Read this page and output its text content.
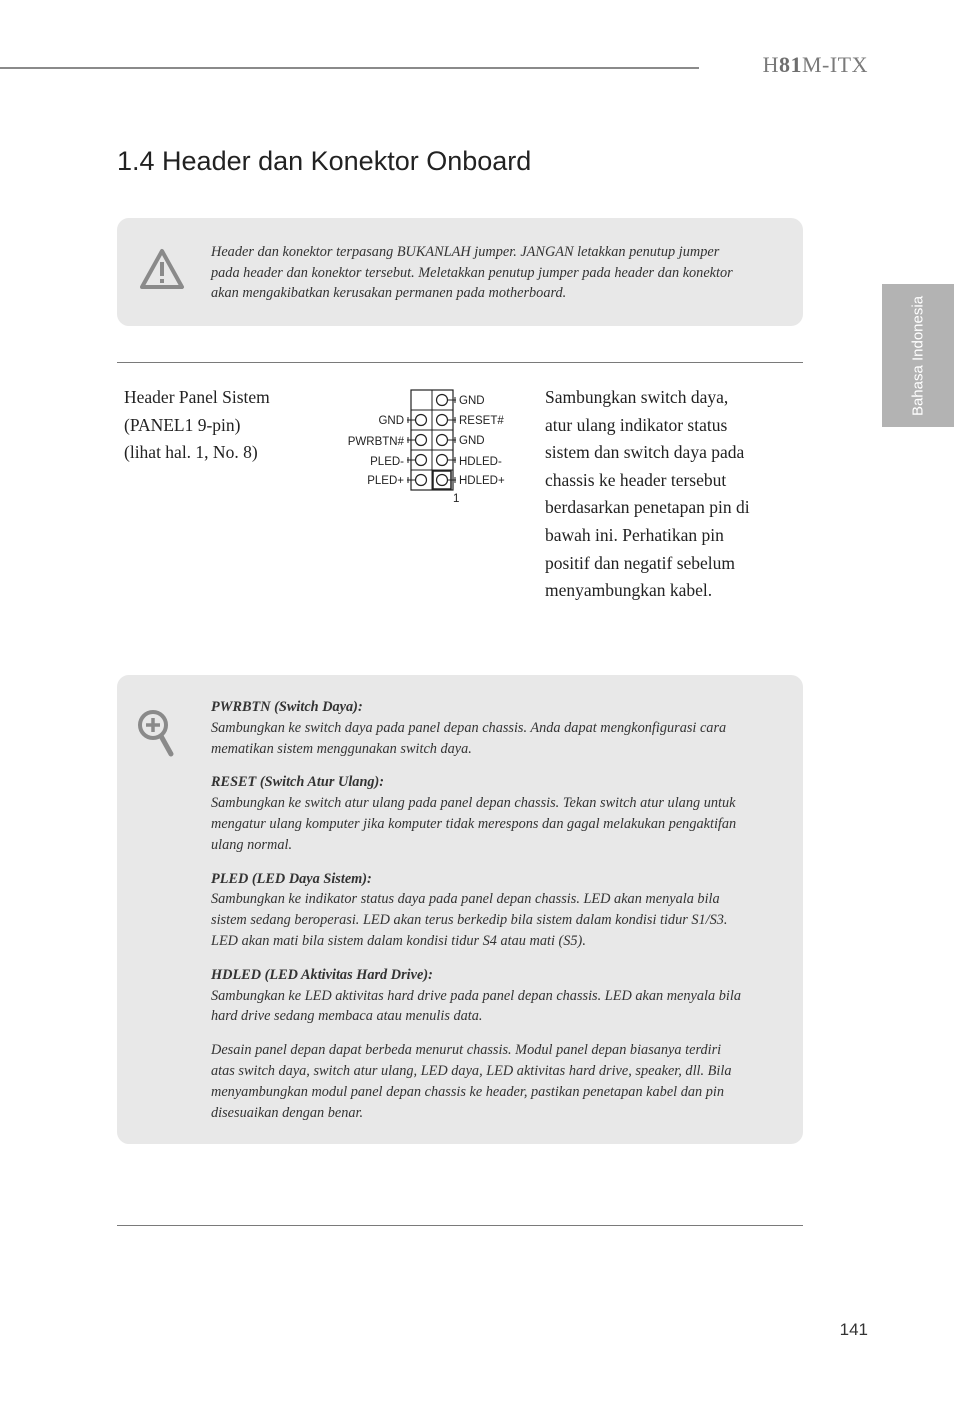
H81M-ITX
Bahasa Indonesia
1.4 Header dan Konektor Onboard

Header dan konektor terpasang BUKANLAH jumper. JANGAN letakkan penutup jumper pada header dan konektor tersebut. Meletakkan penutup jumper pada header dan konektor akan mengakibatkan kerusakan permanen pada motherboard.

Header Panel Sistem
(PANEL1 9-pin)
(lihat hal. 1, No. 8)
GND
RESET#
GND
HDLED-
HDLED+
GND
PWRBTN#
PLED-
PLED+
1

Sambungkan switch daya, atur ulang indikator status sistem dan switch daya pada chassis ke header tersebut berdasarkan penetapan pin di bawah ini. Perhatikan pin positif dan negatif sebelum menyambungkan kabel.

PWRBTN (Switch Daya):

Sambungkan ke switch daya pada panel depan chassis. Anda dapat mengkonfigurasi cara mematikan sistem menggunakan switch daya.

RESET (Switch Atur Ulang):

Sambungkan ke switch atur ulang pada panel depan chassis. Tekan switch atur ulang untuk mengatur ulang komputer jika komputer tidak merespons dan gagal melakukan pengaktifan ulang normal.

PLED (LED Daya Sistem):

Sambungkan ke indikator status daya pada panel depan chassis. LED akan menyala bila sistem sedang beroperasi. LED akan terus berkedip bila sistem dalam kondisi tidur S1/S3. LED akan mati bila sistem dalam kondisi tidur S4 atau mati (S5).

HDLED (LED Aktivitas Hard Drive):

Sambungkan ke LED aktivitas hard drive pada panel depan chassis. LED akan menyala bila hard drive sedang membaca atau menulis data.

Desain panel depan dapat berbeda menurut chassis. Modul panel depan biasanya terdiri atas switch daya, switch atur ulang, LED daya, LED aktivitas hard drive, speaker, dll. Bila menyambungkan modul panel depan chassis ke header, pastikan penetapan kabel dan pin disesuaikan dengan benar.

141
